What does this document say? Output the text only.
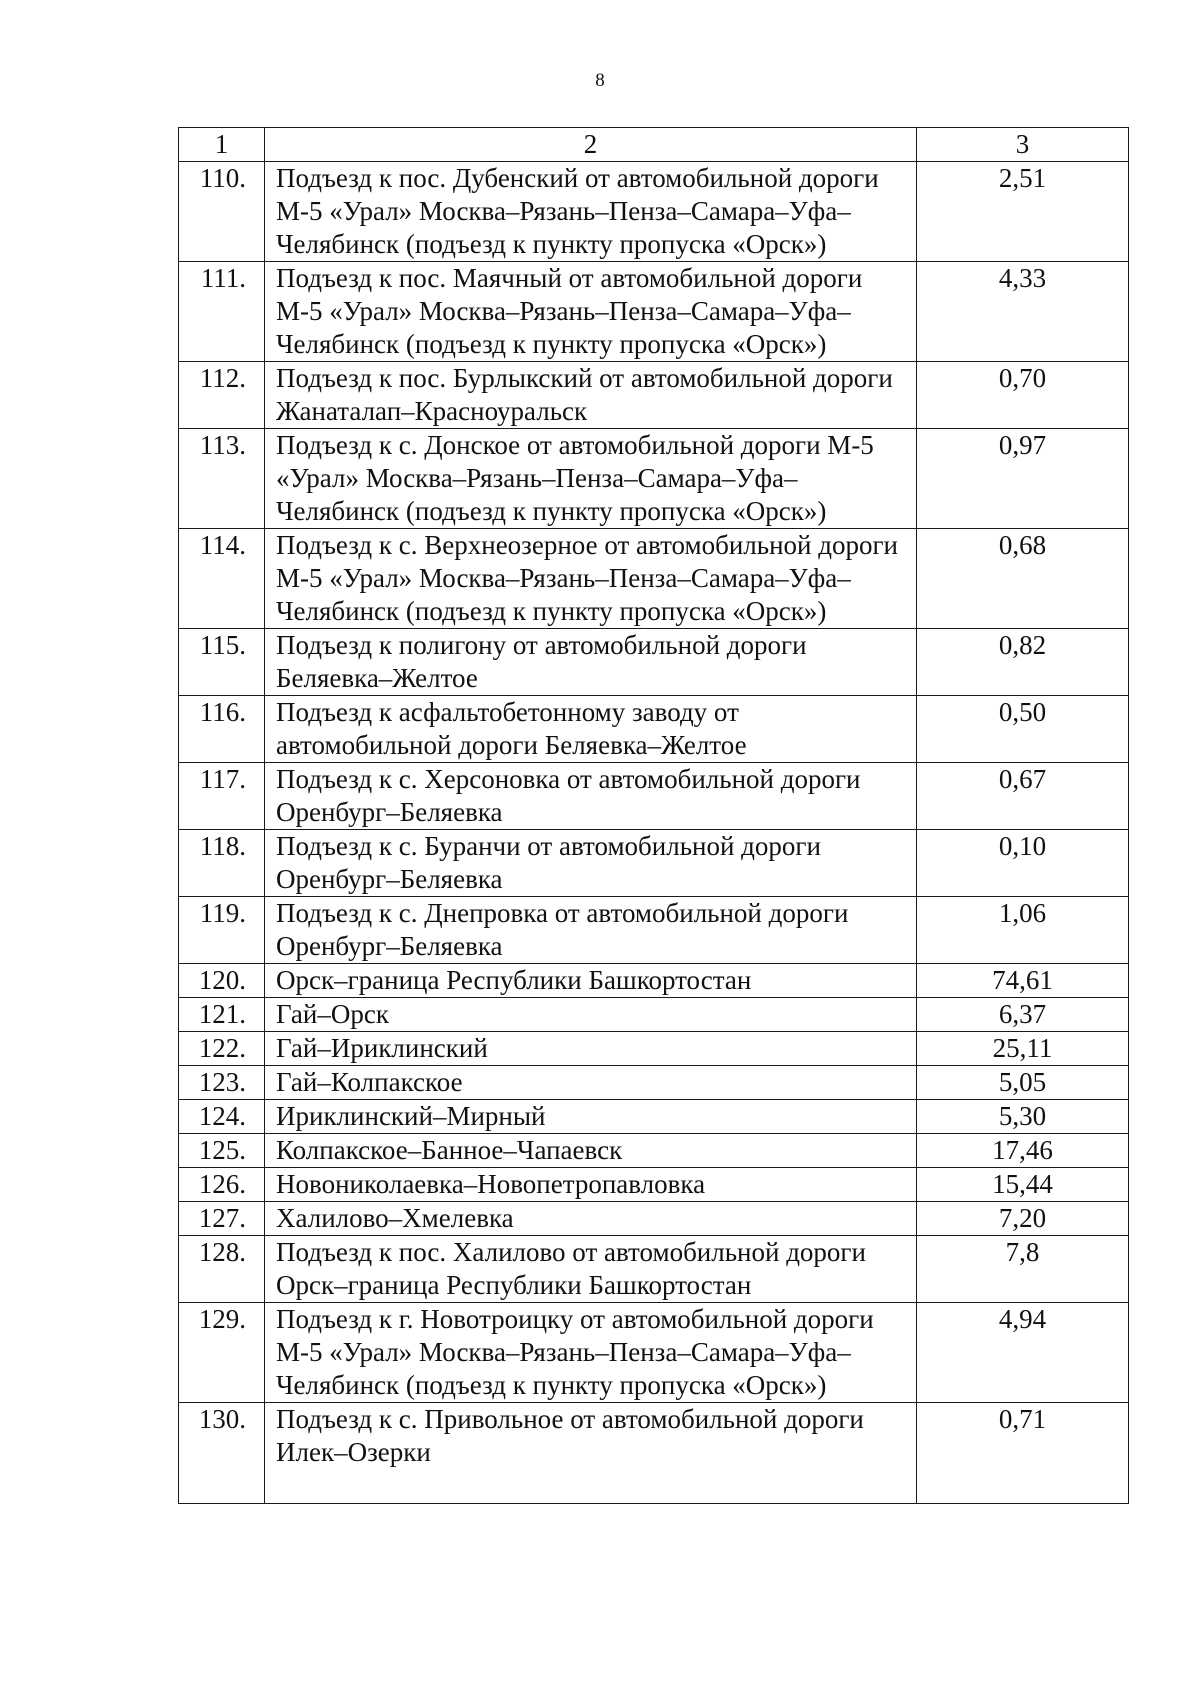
8
1	2	3
110.	Подъезд к пос. Дубенский от автомобильной дороги М-5 «Урал» Москва–Рязань–Пенза–Самара–Уфа–Челябинск (подъезд к пункту пропуска «Орск»)	2,51
111.	Подъезд к пос. Маячный от автомобильной дороги М-5 «Урал» Москва–Рязань–Пенза–Самара–Уфа–Челябинск (подъезд к пункту пропуска «Орск»)	4,33
112.	Подъезд к пос. Бурлыкский от автомобильной дороги Жанаталап–Красноуральск	0,70
113.	Подъезд к с. Донское от автомобильной дороги М-5 «Урал» Москва–Рязань–Пенза–Самара–Уфа–Челябинск (подъезд к пункту пропуска «Орск»)	0,97
114.	Подъезд к с. Верхнеозерное от автомобильной дороги М-5 «Урал» Москва–Рязань–Пенза–Самара–Уфа–Челябинск (подъезд к пункту пропуска «Орск»)	0,68
115.	Подъезд к полигону от автомобильной дороги Беляевка–Желтое	0,82
116.	Подъезд к асфальтобетонному заводу от автомобильной дороги Беляевка–Желтое	0,50
117.	Подъезд к с. Херсоновка от автомобильной дороги Оренбург–Беляевка	0,67
118.	Подъезд к с. Буранчи от автомобильной дороги Оренбург–Беляевка	0,10
119.	Подъезд к с. Днепровка от автомобильной дороги Оренбург–Беляевка	1,06
120.	Орск–граница Республики Башкортостан	74,61
121.	Гай–Орск	6,37
122.	Гай–Ириклинский	25,11
123.	Гай–Колпакское	5,05
124.	Ириклинский–Мирный	5,30
125.	Колпакское–Банное–Чапаевск	17,46
126.	Новониколаевка–Новопетропавловка	15,44
127.	Халилово–Хмелевка	7,20
128.	Подъезд к пос. Халилово от автомобильной дороги Орск–граница Республики Башкортостан	7,8
129.	Подъезд к г. Новотроицку от автомобильной дороги М-5 «Урал» Москва–Рязань–Пенза–Самара–Уфа–Челябинск (подъезд к пункту пропуска «Орск»)	4,94
130.	Подъезд к с. Привольное от автомобильной дороги Илек–Озерки	0,71
